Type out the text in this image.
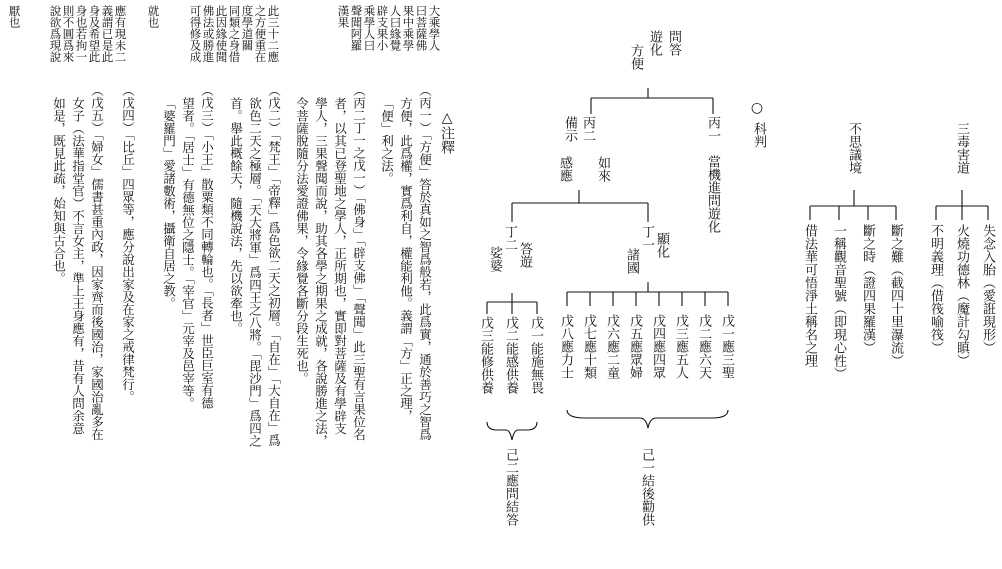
問答
遊化
方便
丙一　當機進問遊化
丙二
備示
如來
感應
丁一 顯化
諸國
丁二
答遊
娑婆
戊一應三聖
戊二應六天
戊三應五人
戊四應四眾
戊五應眾婦
戊六應二童
戊七應十類
戊八應力士
戊一能施無畏
戊二能感供養
戊三能修供養
己一結後勸供
己二應問結答
○
科判	三毒害道
失念入胎（愛誑現形）
火燒功德林（魔計勾瞋）
不明義理（借筏喻筏）
不思議境
斷之難（截四十里瀑流）
斷之時（證四果羅漢）
一稱觀音聖號（即現心性）
借法華可悟淨土稱名之理
△注釋
（丙一）「方便」答於真如之智爲般若，此爲實，通於善巧之智爲
方便，此爲權，實爲利自，權能利他。義謂「方」正之理，
「便」利之法。
（丙二丁一之戊一）「佛身」「辟支佛」「聲聞」此三聖有言果位名
者，以其已登聖地之學人，正所期也，實即對菩薩及有學辟支
學人，三果聲聞而說，助其各學之期果之成就，各說勝進之法，
令菩薩脫隨分法愛證佛果，令緣覺各斷分段生死也。
（戊二）「梵王」「帝釋」爲色欲二天之初層。「自在」「大自在」爲
欲色二天之極層。「天大將軍」爲四王之八將。「毘沙門」爲四之
首。舉此概餘天，隨機說法，先以欲牽也。
（戊三）「小王」散粟類不同轉輪也。「長者」世臣巨室有德
望者。「居士」有德無位之隱士。「宰官」元宰及邑宰等。
「婆羅門」愛諸數術，攝衛自居之教。
（戊四）「比丘」四眾等，應分說出家及在家之戒律梵行。
（戊五）「婦女」儒書甚重內政，因家齊而後國治，家國治亂多在
女子（法華指堂官）不言女主，準上王身應有，昔有人問余意
如是，既見此疏，始知與古合也。
大乘學人
曰菩薩佛
果中乘學
人曰緣覺
辟支果小
乘學人曰
聲聞阿羅
漢果
此三十二應
之方便重在
度學道關
同類之身借
此因緣使聞
佛法或勝進
可得修及成
就也
應有現未二
義謂已是此
身及希望此
身也若拘一
則不圓爲來
說欲爲現說
厭也
